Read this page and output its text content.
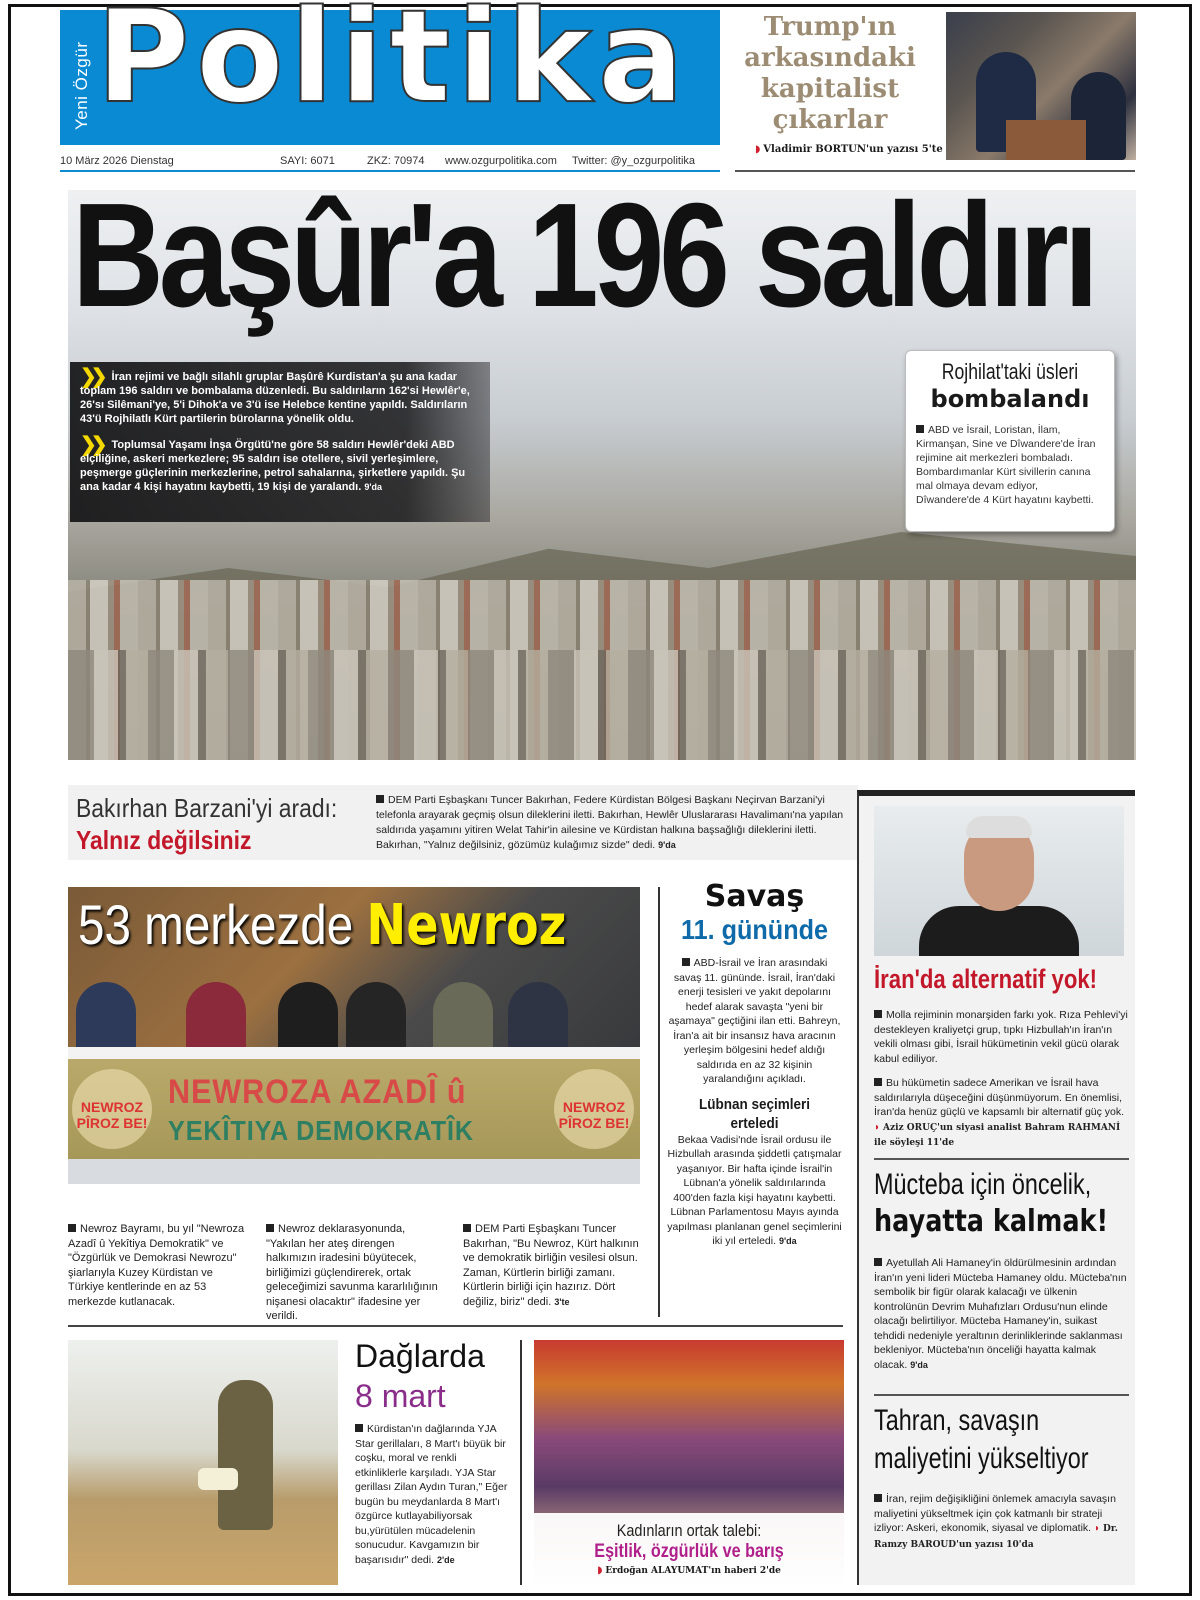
Yeni Özgür Politika
10 März 2026 Dienstag	SAYI: 6071	ZKZ: 70974 www.ozgurpolitika.com Twitter: @y_ozgurpolitika
Trump'ın arkasındaki kapitalist çıkarlar
◗ Vladimir BORTUN'un yazısı 5'te
Başûr'a 196 saldırı

❯❯ İran rejimi ve bağlı silahlı gruplar Başûrê Kurdistan'a şu ana kadar toplam 196 saldırı ve bombalama düzenledi. Bu saldırıların 162'si Hewlêr'e, 26'sı Silêmani'ye, 5'i Dihok'a ve 3'ü ise Helebce kentine yapıldı. Saldırıların 43'ü Rojhilatlı Kürt partilerin bürolarına yönelik oldu.

❯❯ Toplumsal Yaşamı İnşa Örgütü'ne göre 58 saldırı Hewlêr'deki ABD elçiliğine, askeri merkezlere; 95 saldırı ise otellere, sivil yerleşimlere, peşmerge güçlerinin merkezlerine, petrol sahalarına, şirketlere yapıldı. Şu ana kadar 4 kişi hayatını kaybetti, 19 kişi de yaralandı. 9'da

Rojhilat'taki üsleri
bombalandı
ABD ve İsrail, Loristan, İlam, Kirmanşan, Sine ve Dîwandere'de İran rejimine ait merkezleri bombaladı. Bombardımanlar Kürt sivillerin canına mal olmaya devam ediyor, Dîwandere'de 4 Kürt hayatını kaybetti.
Bakırhan Barzani'yi aradı:
Yalnız değilsiniz
DEM Parti Eşbaşkanı Tuncer Bakırhan, Federe Kürdistan Bölgesi Başkanı Neçirvan Barzani'yi telefonla arayarak geçmiş olsun dileklerini iletti. Bakırhan, Hewlêr Uluslararası Havalimanı'na yapılan saldırıda yaşamını yitiren Welat Tahir'in ailesine ve Kürdistan halkına başsağlığı dileklerini iletti. Bakırhan, "Yalnız değilsiniz, gözümüz kulağımız sizde" dedi. 9'da
53 merkezde Newroz
NEWROZ PÎROZ BE!
NEWROZA AZADÎ û
YEKÎTIYA DEMOKRATÎK
NEWROZ PÎROZ BE!
Newroz Bayramı, bu yıl "Newroza Azadî û Yekîtiya Demokratik" ve "Özgürlük ve Demokrasi Newrozu" şiarlarıyla Kuzey Kürdistan ve Türkiye kentlerinde en az 53 merkezde kutlanacak.
Newroz deklarasyonunda, "Yakılan her ateş direngen halkımızın iradesini büyütecek, birliğimizi güçlendirerek, ortak geleceğimizi savunma kararlılığının nişanesi olacaktır" ifadesine yer verildi.
DEM Parti Eşbaşkanı Tuncer Bakırhan, "Bu Newroz, Kürt halkının ve demokratik birliğin vesilesi olsun. Zaman, Kürtlerin birliği zamanı. Kürtlerin birliği için hazırız. Dört değiliz, biriz" dedi. 3'te
Savaş
11. gününde
ABD-İsrail ve İran arasındaki savaş 11. gününde. İsrail, İran'daki enerji tesisleri ve yakıt depolarını hedef alarak savaşta "yeni bir aşamaya" geçtiğini ilan etti. Bahreyn, İran'a ait bir insansız hava aracının yerleşim bölgesini hedef aldığı saldırıda en az 32 kişinin yaralandığını açıkladı.
Lübnan seçimleri erteledi
Bekaa Vadisi'nde İsrail ordusu ile Hizbullah arasında şiddetli çatışmalar yaşanıyor. Bir hafta içinde İsrail'in Lübnan'a yönelik saldırılarında 400'den fazla kişi hayatını kaybetti. Lübnan Parlamentosu Mayıs ayında yapılması planlanan genel seçimlerini iki yıl erteledi. 9'da
İran'da alternatif yok!
Molla rejiminin monarşiden farkı yok. Rıza Pehlevi'yi destekleyen kraliyetçi grup, tıpkı Hizbullah'ın İran'ın vekili olması gibi, İsrail hükümetinin vekil gücü olarak kabul ediliyor.
Bu hükümetin sadece Amerikan ve İsrail hava saldırılarıyla düşeceğini düşünmüyorum. En önemlisi, İran'da henüz güçlü ve kapsamlı bir alternatif güç yok. ◗ Aziz ORUÇ'un siyasi analist Bahram RAHMANİ ile söyleşi 11'de
Mücteba için öncelik,
hayatta kalmak!
Ayetullah Ali Hamaney'in öldürülmesinin ardından İran'ın yeni lideri Mücteba Hamaney oldu. Mücteba'nın sembolik bir figür olarak kalacağı ve ülkenin kontrolünün Devrim Muhafızları Ordusu'nun elinde olacağı belirtiliyor. Mücteba Hamaney'in, suikast tehdidi nedeniyle yeraltının derinliklerinde saklanması bekleniyor. Mücteba'nın önceliği hayatta kalmak olacak. 9'da
Tahran, savaşın maliyetini yükseltiyor
İran, rejim değişikliğini önlemek amacıyla savaşın maliyetini yükseltmek için çok katmanlı bir strateji izliyor: Askeri, ekonomik, siyasal ve diplomatik. ◗ Dr. Ramzy BAROUD'un yazısı 10'da
Dağlarda
8 mart
Kürdistan'ın dağlarında YJA Star gerillaları, 8 Mart'ı büyük bir coşku, moral ve renkli etkinliklerle karşıladı. YJA Star gerillası Zilan Aydın Turan," Eğer bugün bu meydanlarda 8 Mart'ı özgürce kutlayabiliyorsak bu,yürütülen mücadelenin sonucudur. Kavgamızın bir başarısıdır" dedi. 2'de
Kadınların ortak talebi:
Eşitlik, özgürlük ve barış
◗ Erdoğan ALAYUMAT'ın haberi 2'de
